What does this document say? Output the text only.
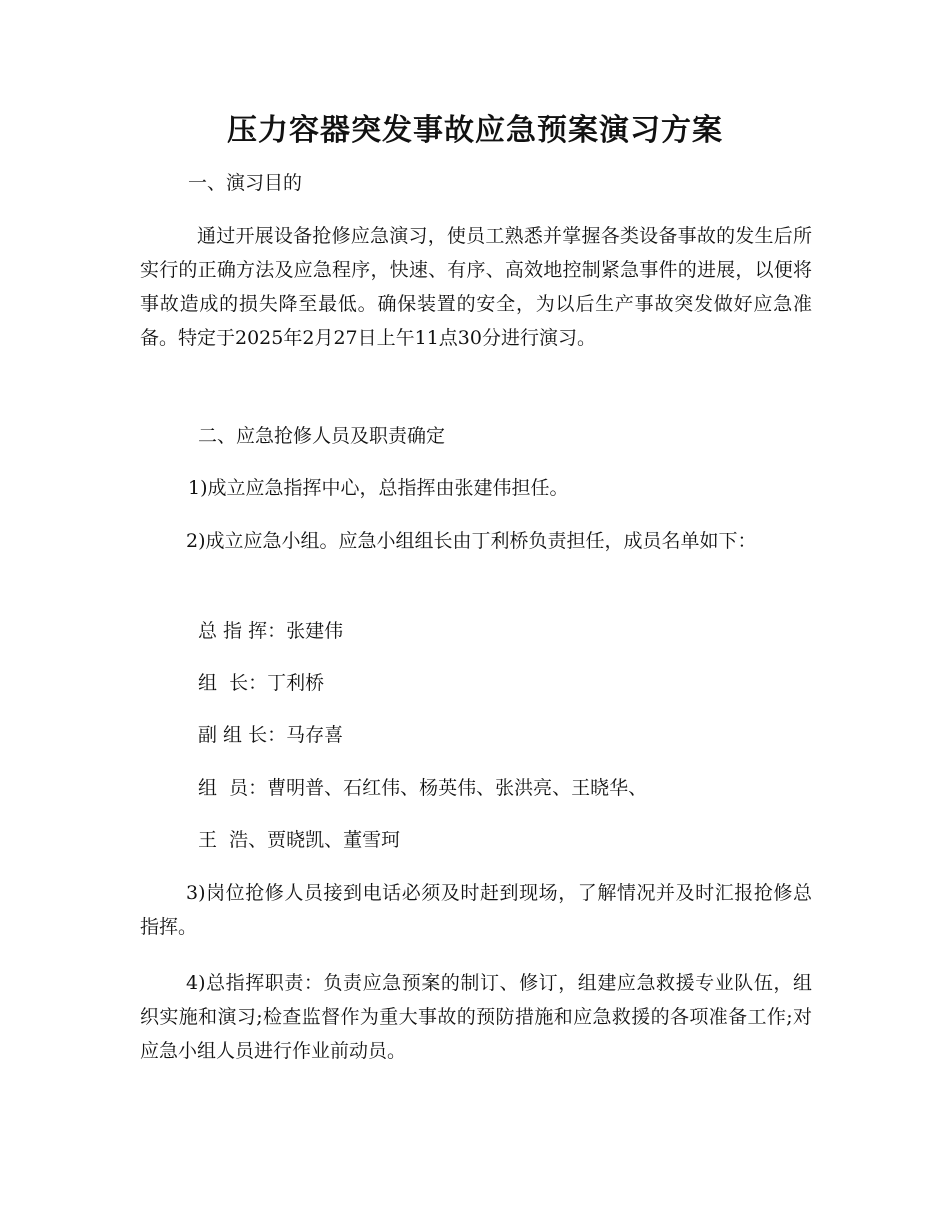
压力容器突发事故应急预案演习方案

一、演习目的

通过开展设备抢修应急演习，使员工熟悉并掌握各类设备事故的发生后所实行的正确方法及应急程序，快速、有序、高效地控制紧急事件的进展，以便将事故造成的损失降至最低。确保装置的安全，为以后生产事故突发做好应急准备。特定于2025年2月27日上午11点30分进行演习。

二、应急抢修人员及职责确定

1)成立应急指挥中心，总指挥由张建伟担任。

2)成立应急小组。应急小组组长由丁利桥负责担任，成员名单如下：

总 指 挥：张建伟

组  长：丁利桥

副 组 长：马存喜

组  员：曹明普、石红伟、杨英伟、张洪亮、王晓华、

王  浩、贾晓凯、董雪珂

3)岗位抢修人员接到电话必须及时赶到现场，了解情况并及时汇报抢修总指挥。

4)总指挥职责：负责应急预案的制订、修订，组建应急救援专业队伍，组织实施和演习;检查监督作为重大事故的预防措施和应急救援的各项准备工作;对应急小组人员进行作业前动员。
